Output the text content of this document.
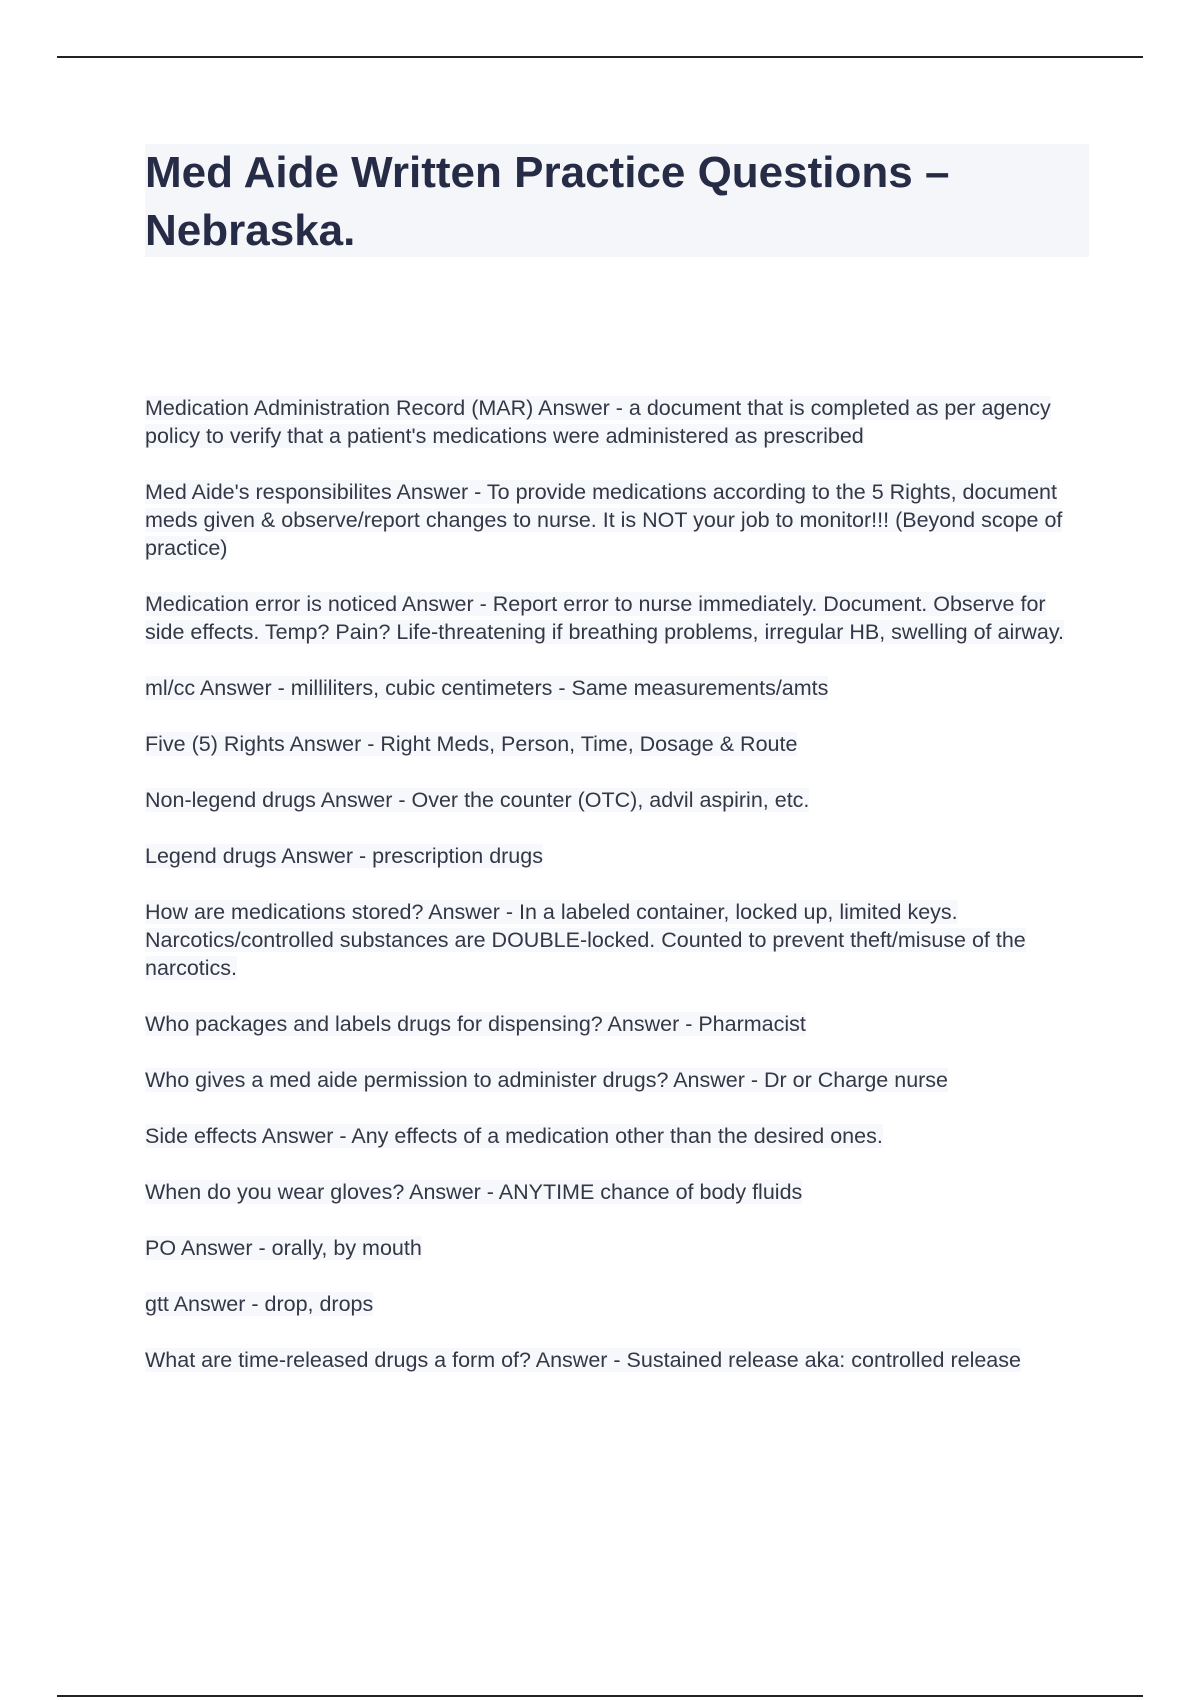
Med Aide Written Practice Questions – Nebraska.
Medication Administration Record (MAR) Answer - a document that is completed as per agency policy to verify that a patient's medications were administered as prescribed
Med Aide's responsibilites Answer - To provide medications according to the 5 Rights, document meds given & observe/report changes to nurse. It is NOT your job to monitor!!! (Beyond scope of practice)
Medication error is noticed Answer - Report error to nurse immediately. Document. Observe for side effects. Temp? Pain? Life-threatening if breathing problems, irregular HB, swelling of airway.
ml/cc Answer - milliliters, cubic centimeters - Same measurements/amts
Five (5) Rights Answer - Right Meds, Person, Time, Dosage & Route
Non-legend drugs Answer - Over the counter (OTC), advil aspirin, etc.
Legend drugs Answer - prescription drugs
How are medications stored? Answer - In a labeled container, locked up, limited keys. Narcotics/controlled substances are DOUBLE-locked. Counted to prevent theft/misuse of the narcotics.
Who packages and labels drugs for dispensing? Answer - Pharmacist
Who gives a med aide permission to administer drugs? Answer - Dr or Charge nurse
Side effects Answer - Any effects of a medication other than the desired ones.
When do you wear gloves? Answer - ANYTIME chance of body fluids
PO Answer - orally, by mouth
gtt Answer - drop, drops
What are time-released drugs a form of? Answer - Sustained release aka: controlled release
